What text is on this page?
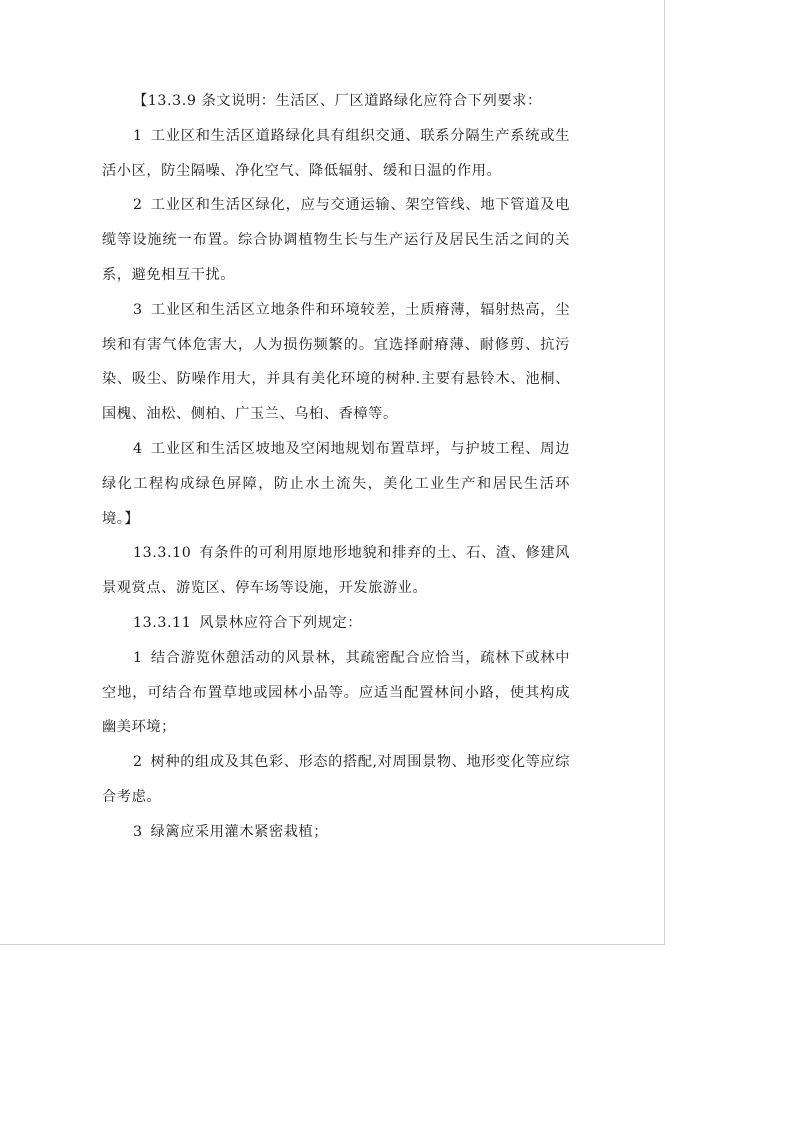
【13.3.9 条文说明：生活区、厂区道路绿化应符合下列要求：

1 工业区和生活区道路绿化具有组织交通、联系分隔生产系统或生活小区，防尘隔噪、净化空气、降低辐射、缓和日温的作用。

2 工业区和生活区绿化，应与交通运输、架空管线、地下管道及电缆等设施统一布置。综合协调植物生长与生产运行及居民生活之间的关系，避免相互干扰。

3 工业区和生活区立地条件和环境较差，土质瘠薄，辐射热高，尘埃和有害气体危害大，人为损伤频繁的。宜选择耐瘠薄、耐修剪、抗污染、吸尘、防噪作用大，并具有美化环境的树种.主要有悬铃木、池桐、国槐、油松、侧柏、广玉兰、乌桕、香樟等。

4 工业区和生活区坡地及空闲地规划布置草坪，与护坡工程、周边绿化工程构成绿色屏障，防止水土流失，美化工业生产和居民生活环境。】

13.3.10 有条件的可利用原地形地貌和排弃的土、石、渣、修建风景观赏点、游览区、停车场等设施，开发旅游业。

13.3.11 风景林应符合下列规定：

1 结合游览休憩活动的风景林，其疏密配合应恰当，疏林下或林中空地，可结合布置草地或园林小品等。应适当配置林间小路，使其构成幽美环境；

2 树种的组成及其色彩、形态的搭配,对周围景物、地形变化等应综合考虑。

3 绿篱应采用灌木紧密栽植；
